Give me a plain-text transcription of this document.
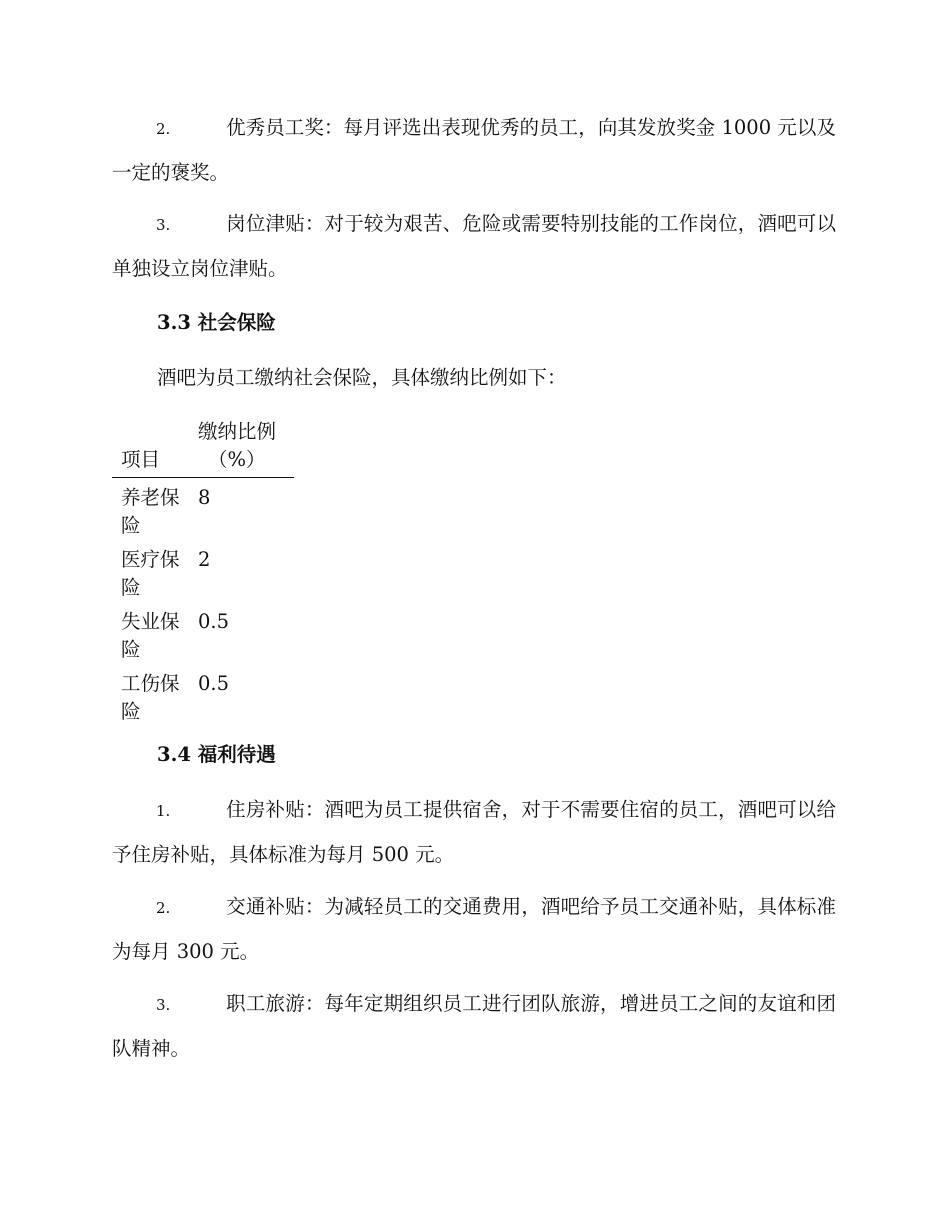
2.	优秀员工奖：每月评选出表现优秀的员工，向其发放奖金 1000 元以及一定的褒奖。

3.	岗位津贴：对于较为艰苦、危险或需要特别技能的工作岗位，酒吧可以单独设立岗位津贴。

3.3 社会保险

酒吧为员工缴纳社会保险，具体缴纳比例如下：

项目	缴纳比例
（%）

养老保险	8
医疗保险	2
失业保险	0.5
工伤保险	0.5
3.4 福利待遇

1.	住房补贴：酒吧为员工提供宿舍，对于不需要住宿的员工，酒吧可以给予住房补贴，具体标准为每月 500 元。

2.	交通补贴：为减轻员工的交通费用，酒吧给予员工交通补贴，具体标准为每月 300 元。

3.	职工旅游：每年定期组织员工进行团队旅游，增进员工之间的友谊和团队精神。
